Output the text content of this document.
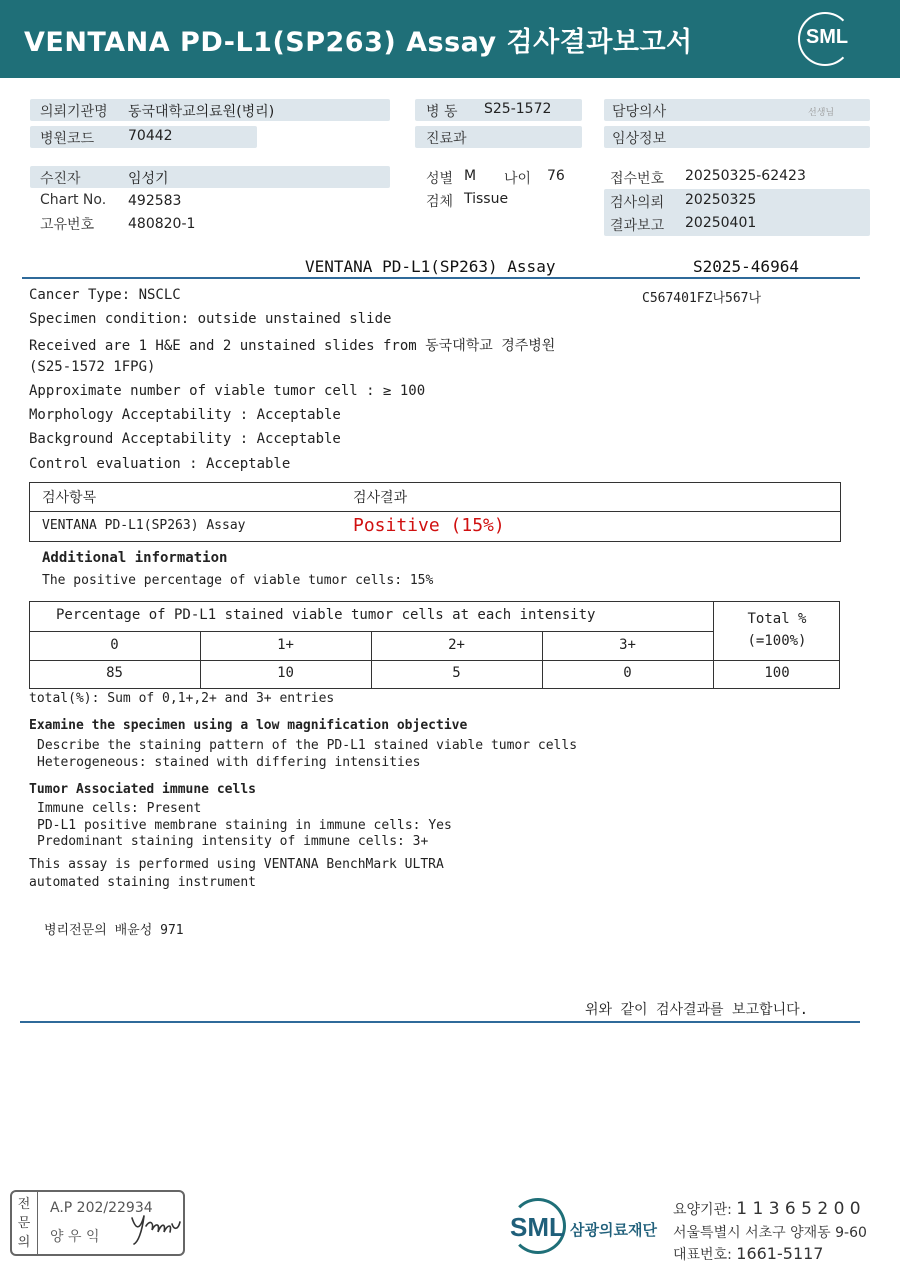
VENTANA PD-L1(SP263) Assay 검사결과보고서	SML
의뢰기관명 동국대학교의료원(병리)	병 동 S25-1572	담당의사	선생님
병원코드 70442	진료과	임상정보
수진자	임성기
Chart No. 492583
고유번호 480820-1
성별 M 나이 76
검체 Tissue
접수번호 20250325-62423
검사의뢰 20250325
결과보고 20250401
VENTANA PD-L1(SP263) Assay	S2025-46964
C567401FZ나567나
Cancer Type: NSCLC
Specimen condition: outside unstained slide
Received are 1 H&E and 2 unstained slides from 동국대학교 경주병원
(S25-1572 1FPG)
Approximate number of viable tumor cell : ≥ 100
Morphology Acceptability : Acceptable
Background Acceptability : Acceptable
Control evaluation : Acceptable
검사항목	검사결과
VENTANA PD-L1(SP263) Assay	Positive (15%)
Additional information
The positive percentage of viable tumor cells: 15%
Percentage of PD-L1 stained viable tumor cells at each intensity	Total %
(=100%)
0	1+	2+	3+
85	10	5	0	100
total(%): Sum of 0,1+,2+ and 3+ entries
Examine the specimen using a low magnification objective
Describe the staining pattern of the PD-L1 stained viable tumor cells
Heterogeneous: stained with differing intensities
Tumor Associated immune cells
Immune cells: Present
PD-L1 positive membrane staining in immune cells: Yes
Predominant staining intensity of immune cells: 3+
This assay is performed using VENTANA BenchMark ULTRA
automated staining instrument
병리전문의 배윤성 971
위와 같이 검사결과를 보고합니다.
전
문
의
A.P 202/22934
양 우 익	SML 삼광의료재단
요양기관: 1 1 3 6 5 2 0 0
서울특별시 서초구 양재동 9-60
대표번호: 1661-5117
